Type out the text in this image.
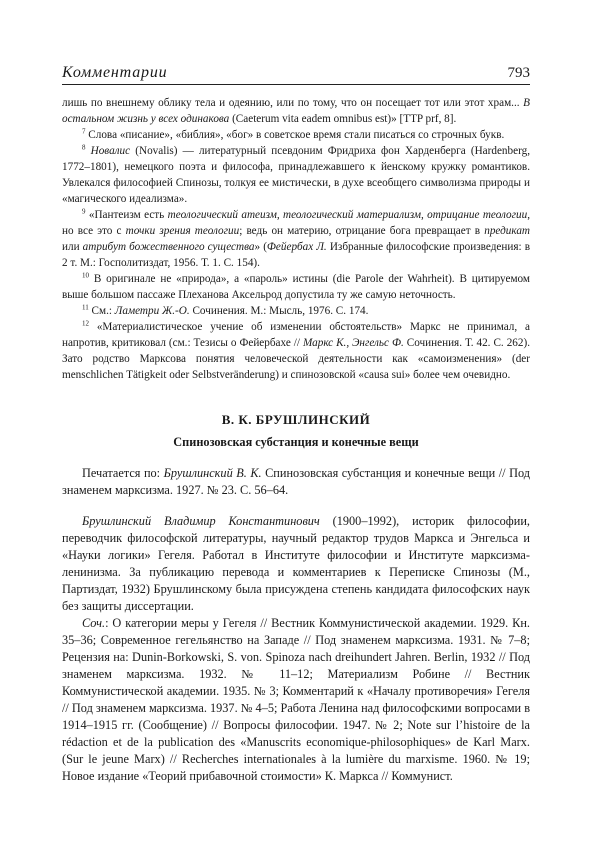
Комментарии	793

лишь по внешнему облику тела и одеянию, или по тому, что он посещает тот или этот храм... В остальном жизнь у всех одинакова (Caeterum vita eadem omnibus est)» [TTP prf, 8].

$^7$ Слова «писание», «библия», «бог» в советское время стали писаться со строчных букв.

$^8$ Новалис (Novalis) — литературный псевдоним Фридриха фон Харденберга (Hardenberg, 1772–1801), немецкого поэта и философа, принадлежавшего к йенскому кружку романтиков. Увлекался философией Спинозы, толкуя ее мистически, в духе всеобщего символизма природы и «магического идеализма».

$^9$ «Пантеизм есть теологический атеизм, теологический материализм, отрицание теологии, но все это с точки зрения теологии; ведь он материю, отрицание бога превращает в предикат или атрибут божественного существа» (Фейербах Л. Избранные философские произведения: в 2 т. М.: Госполитиздат, 1956. Т. 1. С. 154).

$^{10}$ В оригинале не «природа», а «пароль» истины (die Parole der Wahrheit). В цитируемом выше большом пассаже Плеханова Аксельрод допустила ту же самую неточность.

$^{11}$ См.: Ламетри Ж.-О. Сочинения. М.: Мысль, 1976. С. 174.

$^{12}$ «Материалистическое учение об изменении обстоятельств» Маркс не принимал, а напротив, критиковал (см.: Тезисы о Фейербахе // Маркс К., Энгельс Ф. Сочинения. Т. 42. С. 262). Зато родство Марксова понятия человеческой деятельности как «самоизменения» (der menschlichen Tätigkeit oder Selbstveränderung) и спинозовской «causa sui» более чем очевидно.

В. К. БРУШЛИНСКИЙ
Спинозовская субстанция и конечные вещи

Печатается по: Брушлинский В. К. Спинозовская субстанция и конечные вещи // Под знаменем марксизма. 1927. № 23. С. 56–64.

Брушлинский Владимир Константинович (1900–1992), историк философии, переводчик философской литературы, научный редактор трудов Маркса и Энгельса и «Науки логики» Гегеля. Работал в Институте философии и Институте марксизма-ленинизма. За публикацию перевода и комментариев к Переписке Спинозы (М., Партиздат, 1932) Брушлинскому была присуждена степень кандидата философских наук без защиты диссертации.

Соч.: О категории меры у Гегеля // Вестник Коммунистической академии. 1929. Кн. 35–36; Современное гегельянство на Западе // Под знаменем марксизма. 1931. № 7–8; Рецензия на: Dunin-Borkowski, S. von. Spinoza nach dreihundert Jahren. Berlin, 1932 // Под знаменем марксизма. 1932. № 11–12; Материализм Робине // Вестник Коммунистической академии. 1935. № 3; Комментарий к «Началу противоречия» Гегеля // Под знаменем марксизма. 1937. № 4–5; Работа Ленина над философскими вопросами в 1914–1915 гг. (Сообщение) // Вопросы философии. 1947. № 2; Note sur l’histoire de la rédaction et de la publication des «Manuscrits economique-philosophiques» de Karl Marx. (Sur le jeune Marx) // Recherches internationales à la lumière du marxisme. 1960. № 19; Новое издание «Теорий прибавочной стоимости» К. Маркса // Коммунист.
